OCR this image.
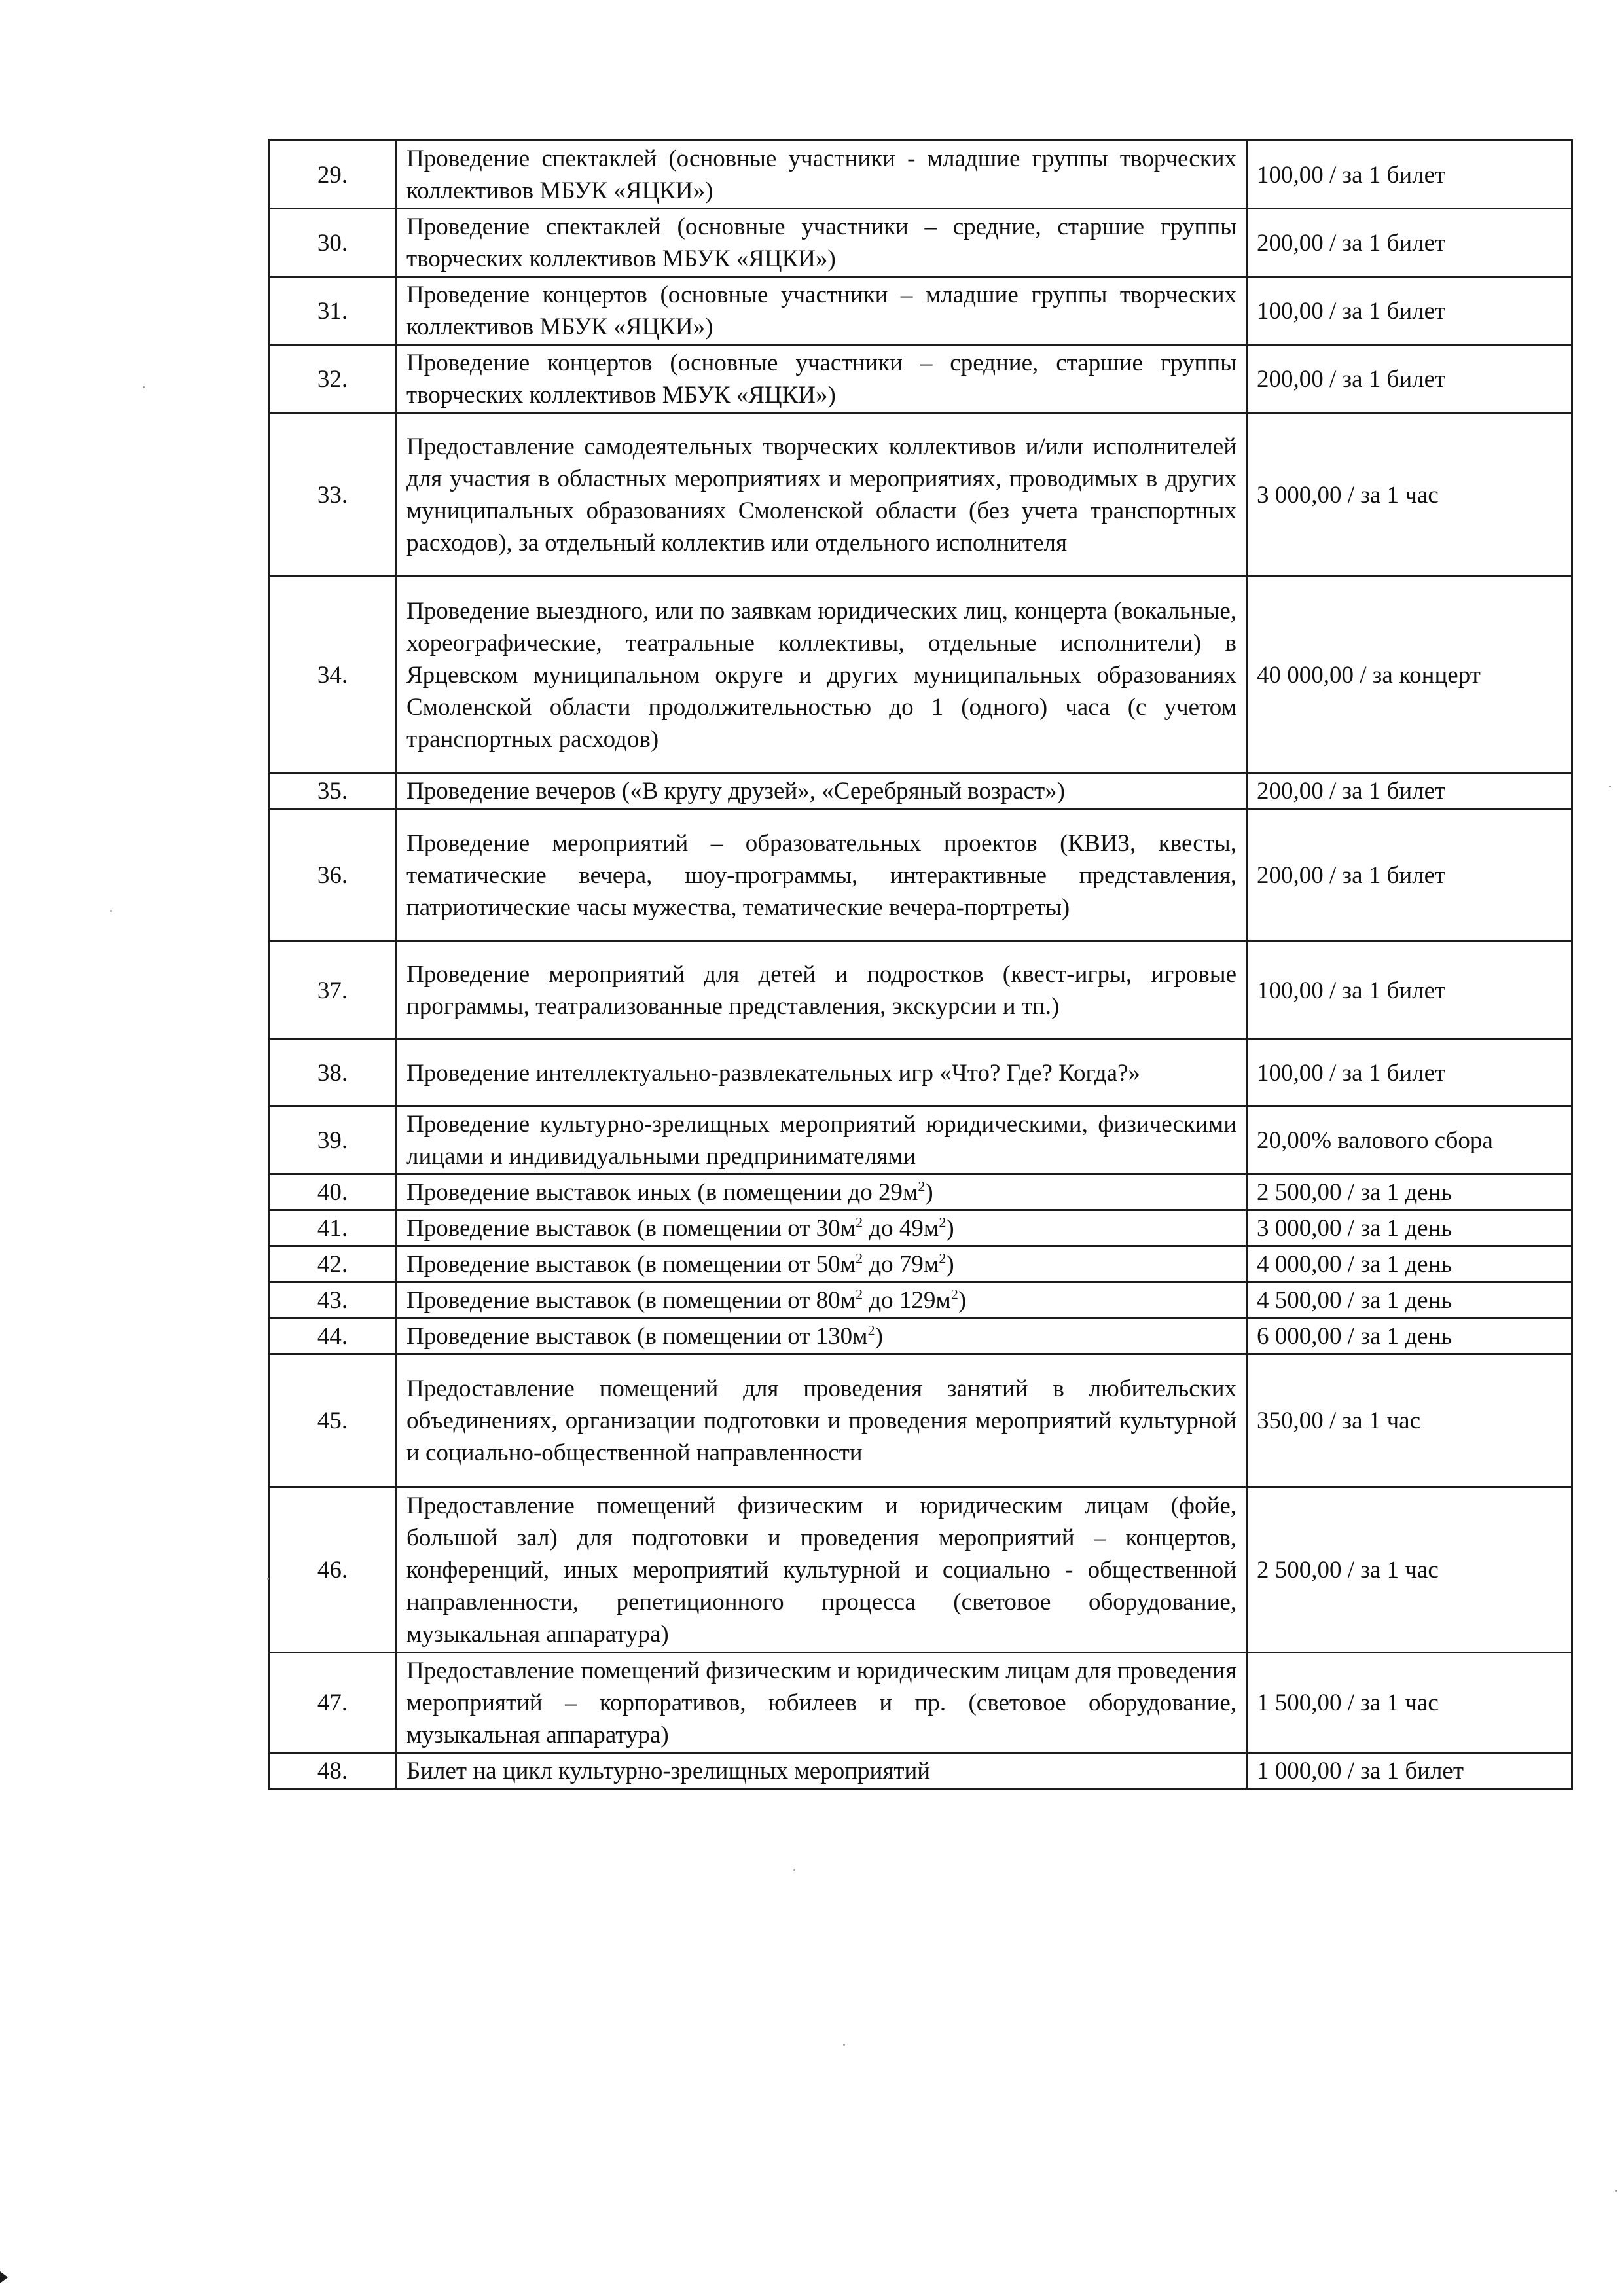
29.	Проведение спектаклей (основные участники - младшие группы творческих коллективов МБУК «ЯЦКИ»)	100,00 / за 1 билет
30.	Проведение спектаклей (основные участники – средние, старшие группы творческих коллективов МБУК «ЯЦКИ»)	200,00 / за 1 билет
31.	Проведение концертов (основные участники – младшие группы творческих коллективов МБУК «ЯЦКИ»)	100,00 / за 1 билет
32.	Проведение концертов (основные участники – средние, старшие группы творческих коллективов МБУК «ЯЦКИ»)	200,00 / за 1 билет
33.	Предоставление самодеятельных творческих коллективов и/или исполнителей для участия в областных мероприятиях и мероприятиях, проводимых в других муниципальных образованиях Смоленской области (без учета транспортных расходов), за отдельный коллектив или отдельного исполнителя	3 000,00 / за 1 час
34.	Проведение выездного, или по заявкам юридических лиц, концерта (вокальные, хореографические, театральные коллективы, отдельные исполнители) в Ярцевском муниципальном округе и других муниципальных образованиях Смоленской области продолжительностью до 1 (одного) часа (с учетом транспортных расходов)	40 000,00 / за концерт
35.	Проведение вечеров («В кругу друзей», «Серебряный возраст»)	200,00 / за 1 билет
36.	Проведение мероприятий – образовательных проектов (КВИЗ, квесты, тематические вечера, шоу-программы, интерактивные представления, патриотические часы мужества, тематические вечера-портреты)	200,00 / за 1 билет
37.	Проведение мероприятий для детей и подростков (квест-игры, игровые программы, театрализованные представления, экскурсии и тп.)	100,00 / за 1 билет
38.	Проведение интеллектуально-развлекательных игр «Что? Где? Когда?»	100,00 / за 1 билет
39.	Проведение культурно-зрелищных мероприятий юридическими, физическими лицами и индивидуальными предпринимателями	20,00% валового сбора
40.	Проведение выставок иных (в помещении до $29м^2$)	2 500,00 / за 1 день
41.	Проведение выставок (в помещении от $30м^2$ до $49м^2$)	3 000,00 / за 1 день
42.	Проведение выставок (в помещении от $50м^2$ до $79м^2$)	4 000,00 / за 1 день
43.	Проведение выставок (в помещении от $80м^2$ до $129м^2$)	4 500,00 / за 1 день
44.	Проведение выставок (в помещении от $130м^2$)	6 000,00 / за 1 день
45.	Предоставление помещений для проведения занятий в любительских объединениях, организации подготовки и проведения мероприятий культурной и социально-общественной направленности	350,00 / за 1 час
46.	Предоставление помещений физическим и юридическим лицам (фойе, большой зал) для подготовки и проведения мероприятий – концертов, конференций, иных мероприятий культурной и социально - общественной направленности, репетиционного процесса (световое оборудование, музыкальная аппаратура)	2 500,00 / за 1 час
47.	Предоставление помещений физическим и юридическим лицам для проведения мероприятий – корпоративов, юбилеев и пр. (световое оборудование, музыкальная аппаратура)	1 500,00 / за 1 час
48.	Билет на цикл культурно-зрелищных мероприятий	1 000,00 / за 1 билет
